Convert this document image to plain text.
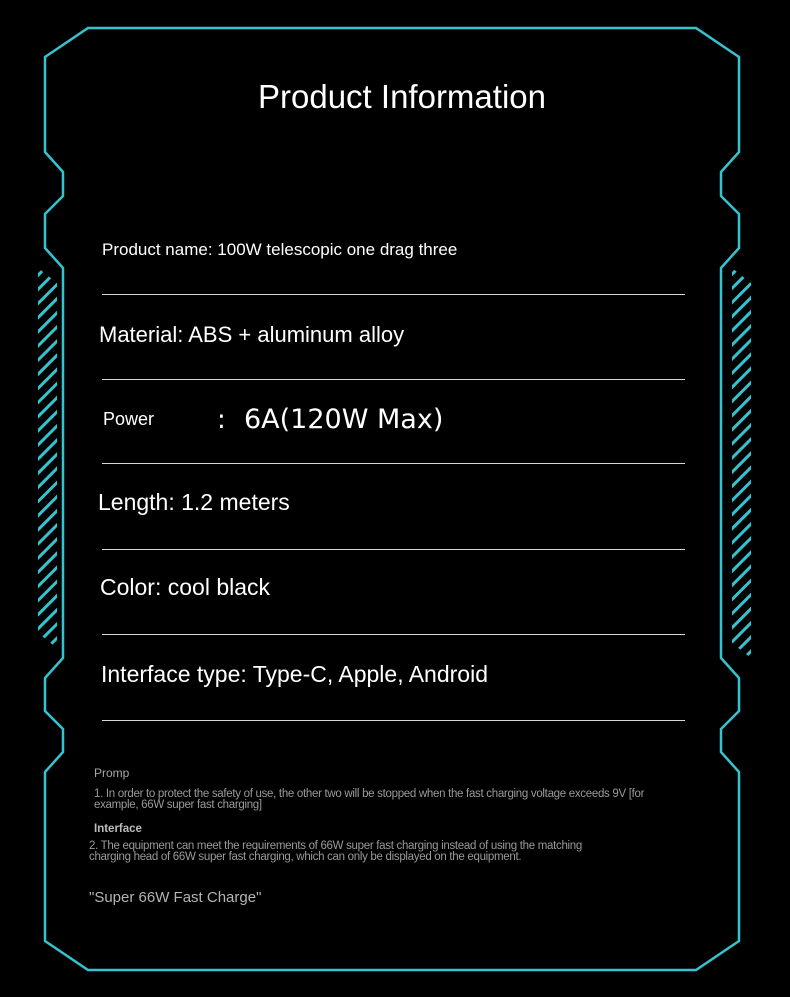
Product Information
Product name: 100W telescopic one drag three
Material: ABS + aluminum alloy
Power : 6A(120W Max)
Length: 1.2 meters
Color: cool black
Interface type: Type-C, Apple, Android
Promp
1. In order to protect the safety of use, the other two will be stopped when the fast charging voltage exceeds 9V [for
example, 66W super fast charging]
Interface
2. The equipment can meet the requirements of 66W super fast charging instead of using the matching
charging head of 66W super fast charging, which can only be displayed on the equipment.
"Super 66W Fast Charge"
